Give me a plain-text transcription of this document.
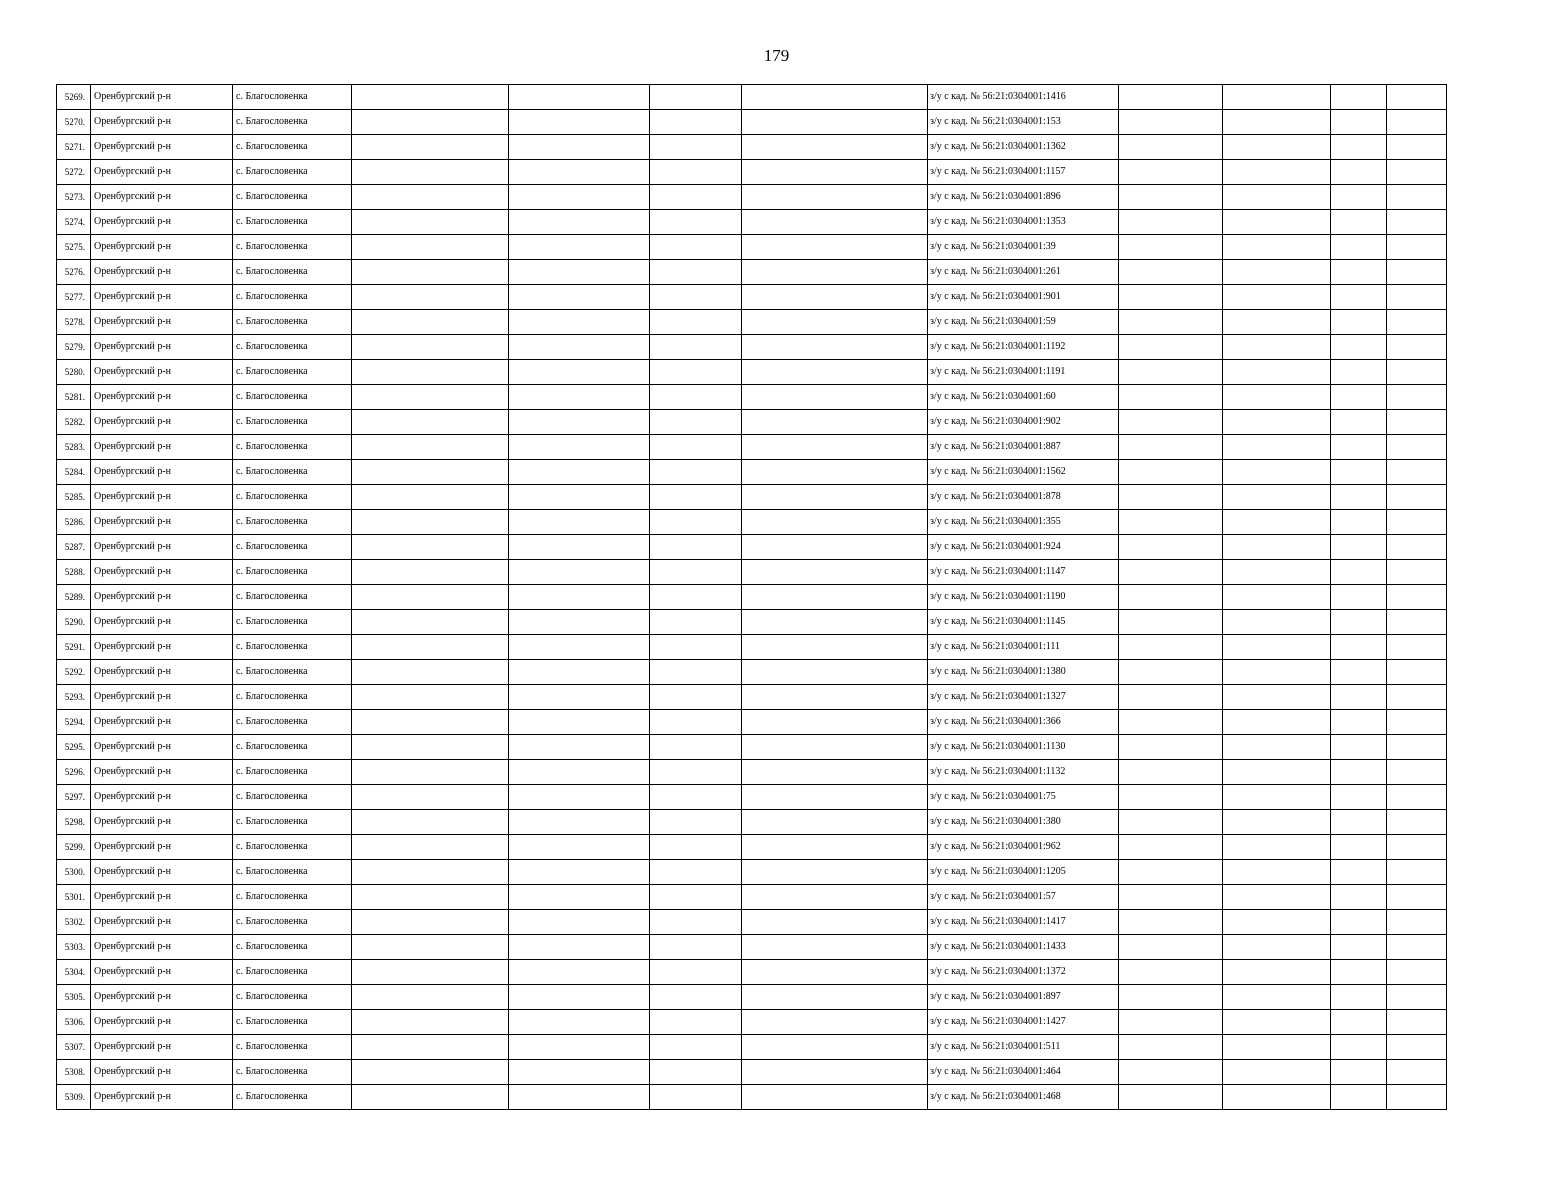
179
5269.	Оренбургский р-н	с. Благословенка					з/у с кад. № 56:21:0304001:1416				
5270.	Оренбургский р-н	с. Благословенка					з/у с кад. № 56:21:0304001:153				
5271.	Оренбургский р-н	с. Благословенка					з/у с кад. № 56:21:0304001:1362				
5272.	Оренбургский р-н	с. Благословенка					з/у с кад. № 56:21:0304001:1157				
5273.	Оренбургский р-н	с. Благословенка					з/у с кад. № 56:21:0304001:896				
5274.	Оренбургский р-н	с. Благословенка					з/у с кад. № 56:21:0304001:1353				
5275.	Оренбургский р-н	с. Благословенка					з/у с кад. № 56:21:0304001:39				
5276.	Оренбургский р-н	с. Благословенка					з/у с кад. № 56:21:0304001:261				
5277.	Оренбургский р-н	с. Благословенка					з/у с кад. № 56:21:0304001:901				
5278.	Оренбургский р-н	с. Благословенка					з/у с кад. № 56:21:0304001:59				
5279.	Оренбургский р-н	с. Благословенка					з/у с кад. № 56:21:0304001:1192				
5280.	Оренбургский р-н	с. Благословенка					з/у с кад. № 56:21:0304001:1191				
5281.	Оренбургский р-н	с. Благословенка					з/у с кад. № 56:21:0304001:60				
5282.	Оренбургский р-н	с. Благословенка					з/у с кад. № 56:21:0304001:902				
5283.	Оренбургский р-н	с. Благословенка					з/у с кад. № 56:21:0304001:887				
5284.	Оренбургский р-н	с. Благословенка					з/у с кад. № 56:21:0304001:1562				
5285.	Оренбургский р-н	с. Благословенка					з/у с кад. № 56:21:0304001:878				
5286.	Оренбургский р-н	с. Благословенка					з/у с кад. № 56:21:0304001:355				
5287.	Оренбургский р-н	с. Благословенка					з/у с кад. № 56:21:0304001:924				
5288.	Оренбургский р-н	с. Благословенка					з/у с кад. № 56:21:0304001:1147				
5289.	Оренбургский р-н	с. Благословенка					з/у с кад. № 56:21:0304001:1190				
5290.	Оренбургский р-н	с. Благословенка					з/у с кад. № 56:21:0304001:1145				
5291.	Оренбургский р-н	с. Благословенка					з/у с кад. № 56:21:0304001:111				
5292.	Оренбургский р-н	с. Благословенка					з/у с кад. № 56:21:0304001:1380				
5293.	Оренбургский р-н	с. Благословенка					з/у с кад. № 56:21:0304001:1327				
5294.	Оренбургский р-н	с. Благословенка					з/у с кад. № 56:21:0304001:366				
5295.	Оренбургский р-н	с. Благословенка					з/у с кад. № 56:21:0304001:1130				
5296.	Оренбургский р-н	с. Благословенка					з/у с кад. № 56:21:0304001:1132				
5297.	Оренбургский р-н	с. Благословенка					з/у с кад. № 56:21:0304001:75				
5298.	Оренбургский р-н	с. Благословенка					з/у с кад. № 56:21:0304001:380				
5299.	Оренбургский р-н	с. Благословенка					з/у с кад. № 56:21:0304001:962				
5300.	Оренбургский р-н	с. Благословенка					з/у с кад. № 56:21:0304001:1205				
5301.	Оренбургский р-н	с. Благословенка					з/у с кад. № 56:21:0304001:57				
5302.	Оренбургский р-н	с. Благословенка					з/у с кад. № 56:21:0304001:1417				
5303.	Оренбургский р-н	с. Благословенка					з/у с кад. № 56:21:0304001:1433				
5304.	Оренбургский р-н	с. Благословенка					з/у с кад. № 56:21:0304001:1372				
5305.	Оренбургский р-н	с. Благословенка					з/у с кад. № 56:21:0304001:897				
5306.	Оренбургский р-н	с. Благословенка					з/у с кад. № 56:21:0304001:1427				
5307.	Оренбургский р-н	с. Благословенка					з/у с кад. № 56:21:0304001:511				
5308.	Оренбургский р-н	с. Благословенка					з/у с кад. № 56:21:0304001:464				
5309.	Оренбургский р-н	с. Благословенка					з/у с кад. № 56:21:0304001:468				
